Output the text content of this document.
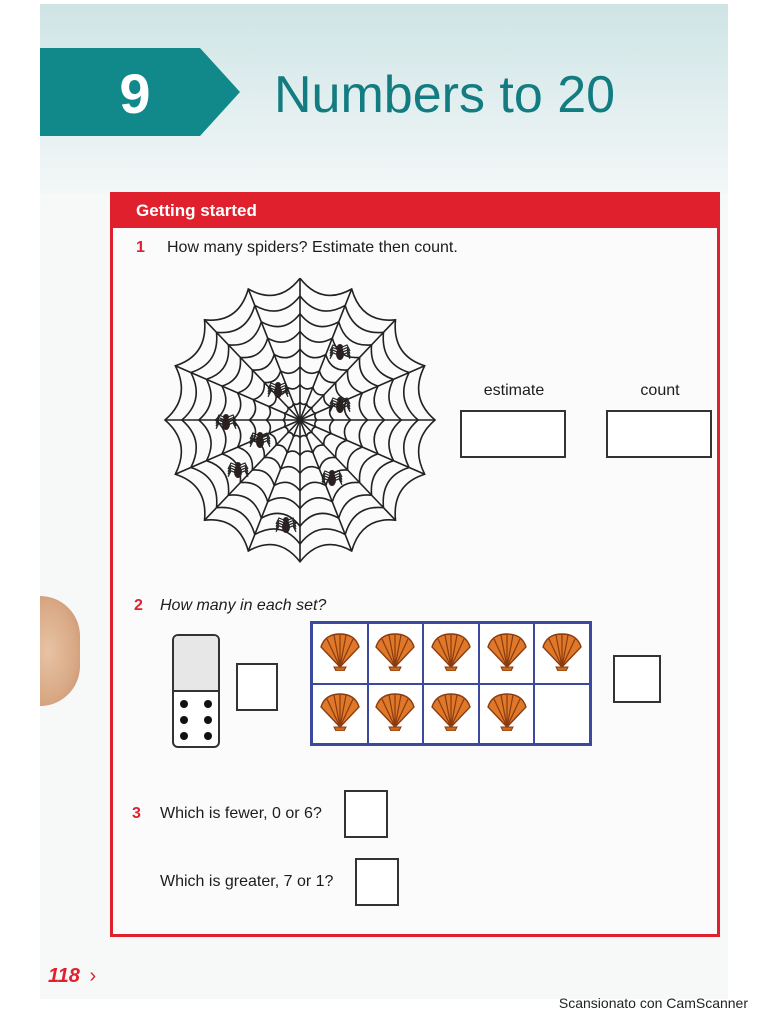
9	Numbers to 20
Getting started
1 How many spiders? Estimate then count.
estimate	count
2 How many in each set?
3 Which is fewer, 0 or 6?
Which is greater, 7 or 1?
118 ›
Scansionato con CamScanner
